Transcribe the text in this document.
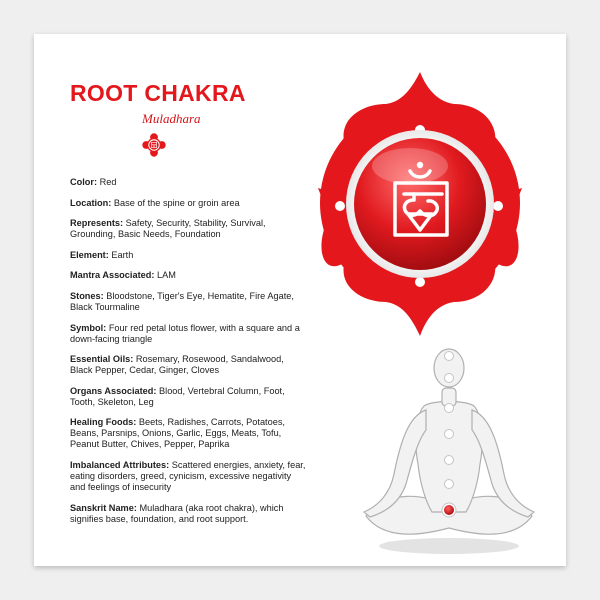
ROOT CHAKRA
Muladhara

Color: Red

Location: Base of the spine or groin area

Represents: Safety, Security, Stability, Survival, Grounding, Basic Needs, Foundation

Element: Earth

Mantra Associated: LAM

Stones: Bloodstone, Tiger's Eye, Hematite, Fire Agate, Black Tourmaline

Symbol: Four red petal lotus flower, with a square and a down-facing triangle

Essential Oils: Rosemary, Rosewood, Sandalwood, Black Pepper, Cedar, Ginger, Cloves

Organs Associated: Blood, Vertebral Column, Foot, Tooth, Skeleton, Leg

Healing Foods: Beets, Radishes, Carrots, Potatoes, Beans, Parsnips, Onions, Garlic, Eggs, Meats, Tofu, Peanut Butter, Chives, Pepper, Paprika

Imbalanced Attributes: Scattered energies, anxiety, fear, eating disorders, greed, cynicism, excessive negativity and feelings of insecurity

Sanskrit Name: Muladhara (aka root chakra), which signifies base, foundation, and root support.
